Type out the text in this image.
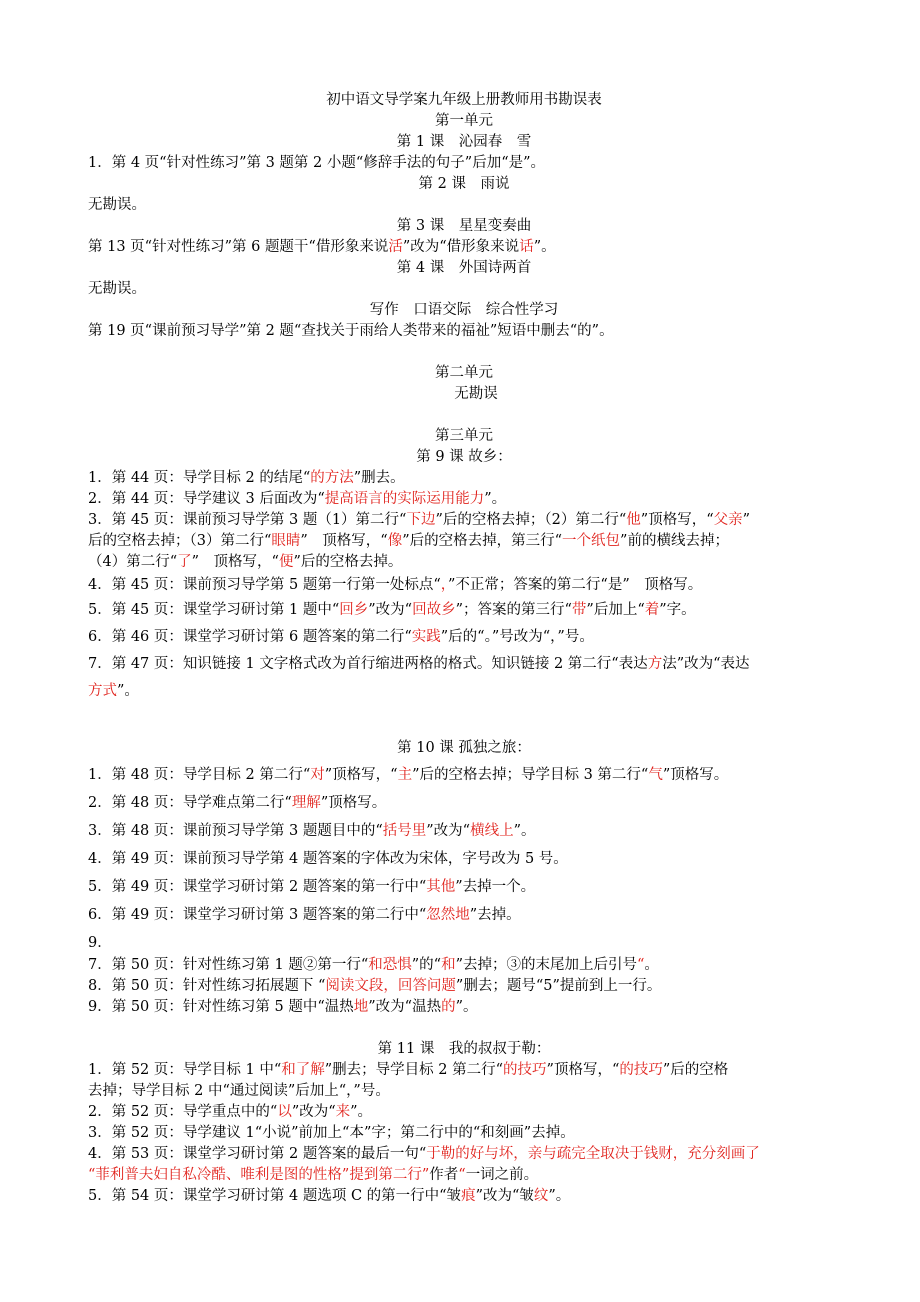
初中语文导学案九年级上册教师用书勘误表
第一单元
第 1 课　沁园春　雪
1．第 4 页“针对性练习”第 3 题第 2 小题“修辞手法的句子”后加“是”。
第 2 课　雨说
无勘误。
第 3 课　星星变奏曲
第 13 页“针对性练习”第 6 题题干“借形象来说活”改为“借形象来说话”。
第 4 课　外国诗两首
无勘误。
写作　口语交际　综合性学习
第 19 页“课前预习导学”第 2 题“查找关于雨给人类带来的福祉”短语中删去“的”。
第二单元
无勘误
第三单元
第 9 课 故乡：
1．第 44 页：导学目标 2 的结尾“的方法”删去。
2．第 44 页：导学建议 3 后面改为“提高语言的实际运用能力”。
3．第 45 页：课前预习导学第 3 题（1）第二行“下边”后的空格去掉；（2）第二行“他”顶格写，“父亲”
后的空格去掉；（3）第二行“眼睛”　顶格写，“像”后的空格去掉，第三行“一个纸包”前的横线去掉；
（4）第二行“了”　顶格写，“便”后的空格去掉。
4．第 45 页：课前预习导学第 5 题第一行第一处标点“，”不正常；答案的第二行“是”　顶格写。
5．第 45 页：课堂学习研讨第 1 题中“回乡”改为“回故乡”；答案的第三行“带”后加上“着”字。
6．第 46 页：课堂学习研讨第 6 题答案的第二行“实践”后的“。”号改为“，”号。
7．第 47 页：知识链接 1 文字格式改为首行缩进两格的格式。知识链接 2 第二行“表达方法”改为“表达
方式”。
第 10 课 孤独之旅：
1．第 48 页：导学目标 2 第二行“对”顶格写，“主”后的空格去掉；导学目标 3 第二行“气”顶格写。
2．第 48 页：导学难点第二行“理解”顶格写。
3．第 48 页：课前预习导学第 3 题题目中的“括号里”改为“横线上”。
4．第 49 页：课前预习导学第 4 题答案的字体改为宋体，字号改为 5 号。
5．第 49 页：课堂学习研讨第 2 题答案的第一行中“其他”去掉一个。
6．第 49 页：课堂学习研讨第 3 题答案的第二行中“忽然地”去掉。
9．
7．第 50 页：针对性练习第 1 题②第一行“和恐惧”的“和”去掉；③的末尾加上后引号“。
8．第 50 页：针对性练习拓展题下 “阅读文段，回答问题”删去；题号“5”提前到上一行。
9．第 50 页：针对性练习第 5 题中“温热地”改为“温热的”。
第 11 课　我的叔叔于勒：
1．第 52 页：导学目标 1 中“和了解”删去；导学目标 2 第二行“的技巧”顶格写，“的技巧”后的空格
去掉；导学目标 2 中“通过阅读”后加上“，”号。
2．第 52 页：导学重点中的“以”改为“来”。
3．第 52 页：导学建议 1“小说”前加上“本”字；第二行中的“和刻画”去掉。
4．第 53 页：课堂学习研讨第 2 题答案的最后一句“于勒的好与坏，亲与疏完全取决于钱财，充分刻画了
“菲利普夫妇自私冷酷、唯利是图的性格”提到第二行”作者“一词之前。
5．第 54 页：课堂学习研讨第 4 题选项 C 的第一行中“皱痕”改为“皱纹”。
